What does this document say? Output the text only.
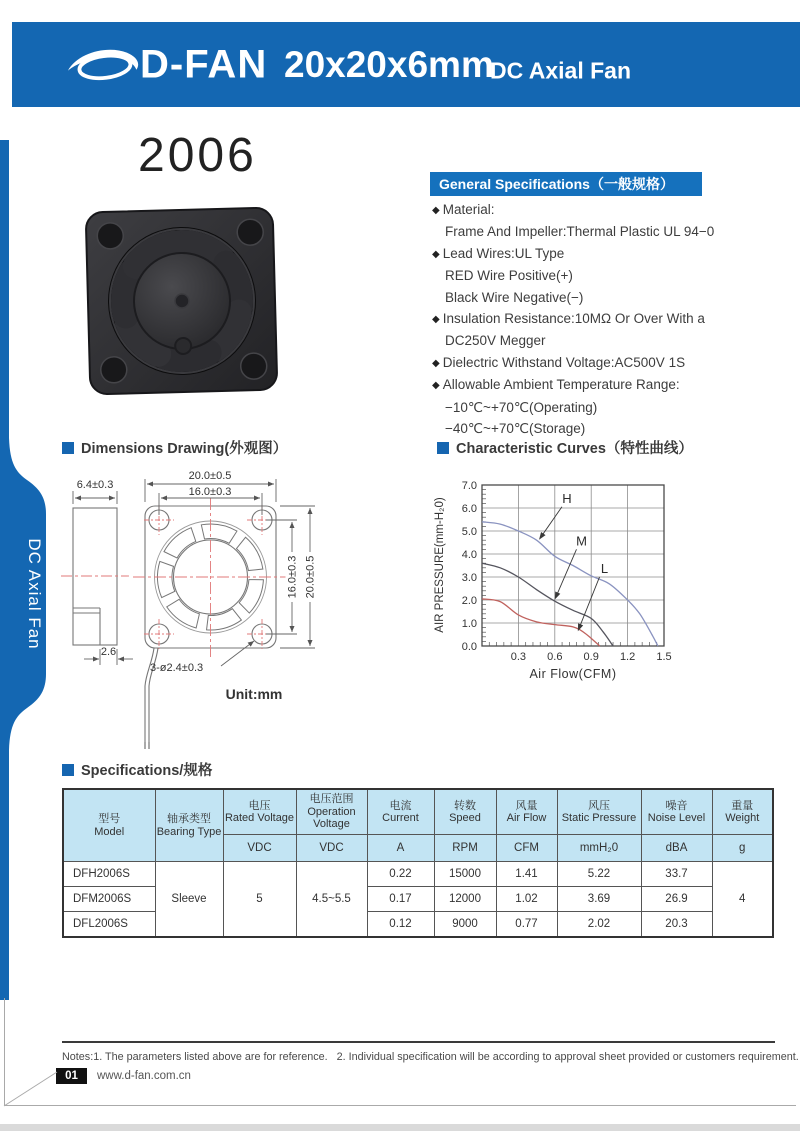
D-FAN 20x20x6mm
DC Axial Fan
DC Axial Fan
2006
General Specifications（一般规格）
◆ Material:
Frame And Impeller:Thermal Plastic UL 94−0
◆ Lead Wires:UL Type
RED Wire Positive(+)
Black Wire Negative(−)
◆ Insulation Resistance:10MΩ Or Over With a
DC250V Megger
◆ Dielectric Withstand Voltage:AC500V 1S
◆ Allowable Ambient Temperature Range:
−10℃~+70℃(Operating)
−40℃~+70℃(Storage)
Dimensions Drawing(外观图）
6.4±0.3
2.6
20.0±0.5
16.0±0.3
16.0±0.3 20.0±0.5
3-ø2.4±0.3
Unit:mm
Characteristic Curves（特性曲线）
0.0
1.0
2.0
3.0
4.0
5.0
6.0
7.0
0.3 0.6 0.9 1.2 1.5
H
M
L
AIR PRESSURE(mm-H₂0)
Air Flow(CFM)
Specifications/规格
型号
Model

轴承类型
Bearing Type

电压
Rated Voltage

电压范围
Operation Voltage

电流
Current

转数
Speed

风量
Air Flow

风压
Static Pressure

噪音
Noise Level

重量
Weight

		VDC	VDC	A	RPM	CFM	mmH₂0	dBA	g
DFH2006S	Sleeve	5	4.5~5.5	0.22	15000	1.41	5.22	33.7	4
DFM2006S				0.17	12000	1.02	3.69	26.9	
DFL2006S				0.12	9000	0.77	2.02	20.3	
Notes:1. The parameters listed above are for reference.   2. Individual specification will be according to approval sheet provided or customers requirement.
01	www.d-fan.com.cn
